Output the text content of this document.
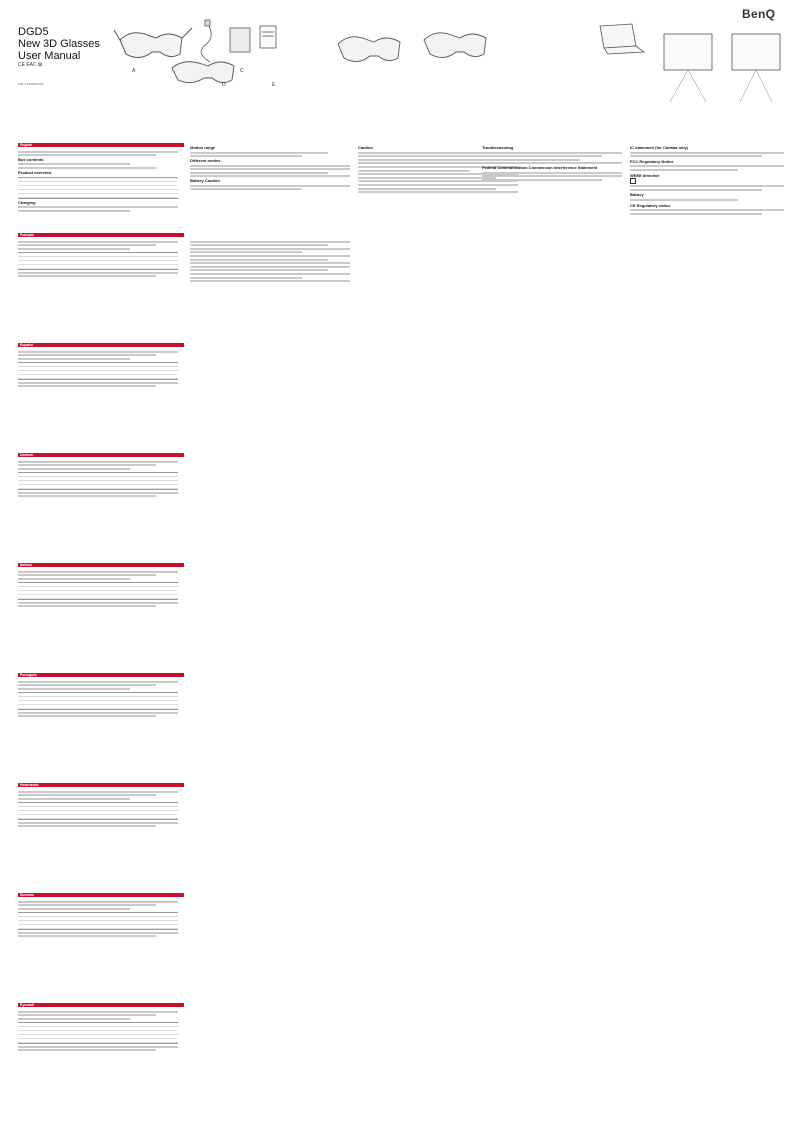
BenQ
DGD5
New 3D Glasses
User Manual
CE EAC ⊠
P/N: 4J.FRF00.001
A	C
D	E
English
Français
Español
Deutsch
Italiano
Português
Nederlands
Svenska
Русский
Box contents
Product overview
Charging
Motion range
Different modes
Battery Caution
Caution	Troubleshooting
Federal Communication Commission Interference Statement
IC statement (for Canada only)
FCC Regulatory Notice
WEEE directive
Battery
CE Regulatory notice
